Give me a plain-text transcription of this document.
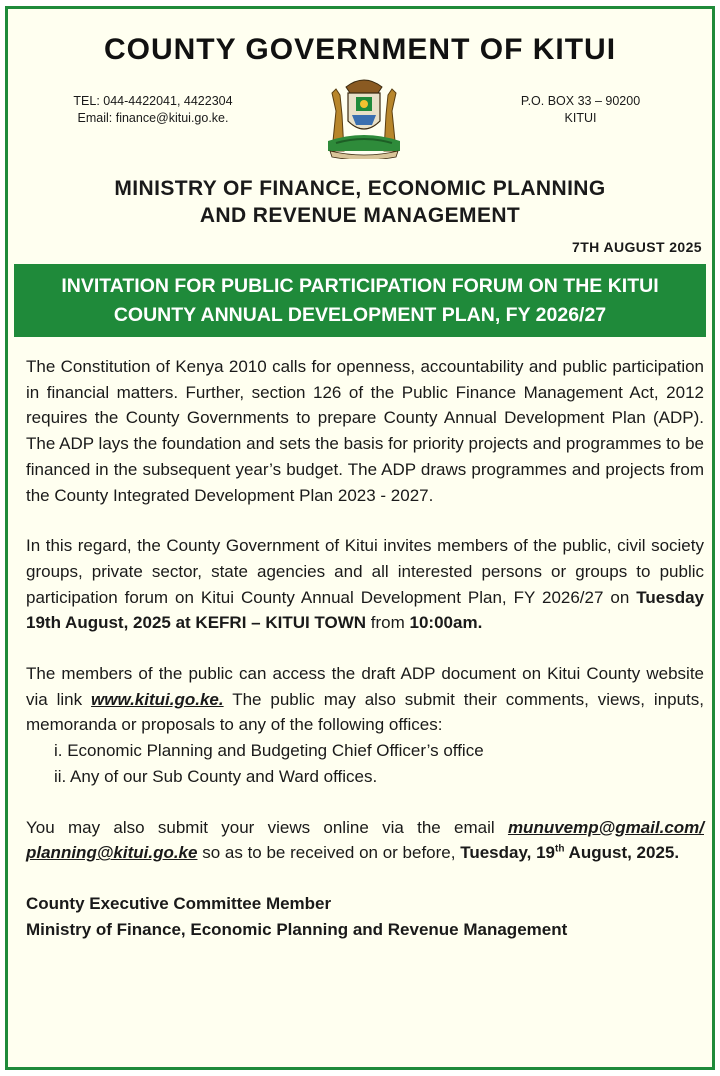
COUNTY GOVERNMENT OF KITUI
TEL: 044-4422041, 4422304
Email: finance@kitui.go.ke.
P.O. BOX 33 – 90200
KITUI
MINISTRY OF FINANCE, ECONOMIC PLANNING
AND REVENUE MANAGEMENT
7TH AUGUST 2025
INVITATION FOR PUBLIC PARTICIPATION FORUM ON THE KITUI
COUNTY ANNUAL DEVELOPMENT PLAN, FY 2026/27

The Constitution of Kenya 2010 calls for openness, accountability and public participation in financial matters. Further, section 126 of the Public Finance Management Act, 2012 requires the County Governments to prepare County Annual Development Plan (ADP). The ADP lays the foundation and sets the basis for priority projects and programmes to be financed in the subsequent year’s budget. The ADP draws programmes and projects from the County Integrated Development Plan 2023 - 2027.

In this regard, the County Government of Kitui invites members of the public, civil society groups, private sector, state agencies and all interested persons or groups to public participation forum on Kitui County Annual Development Plan, FY 2026/27 on Tuesday 19th August, 2025 at KEFRI – KITUI TOWN from 10:00am.

The members of the public can access the draft ADP document on Kitui County website via link www.kitui.go.ke. The public may also submit their comments, views, inputs, memoranda or proposals to any of the following offices:

i. Economic Planning and Budgeting Chief Officer’s office
ii. Any of our Sub County and Ward offices.

You may also submit your views online via the email munuvemp@gmail.com/ planning@kitui.go.ke so as to be received on or before, Tuesday, 19th August, 2025.

County Executive Committee Member
Ministry of Finance, Economic Planning and Revenue Management
